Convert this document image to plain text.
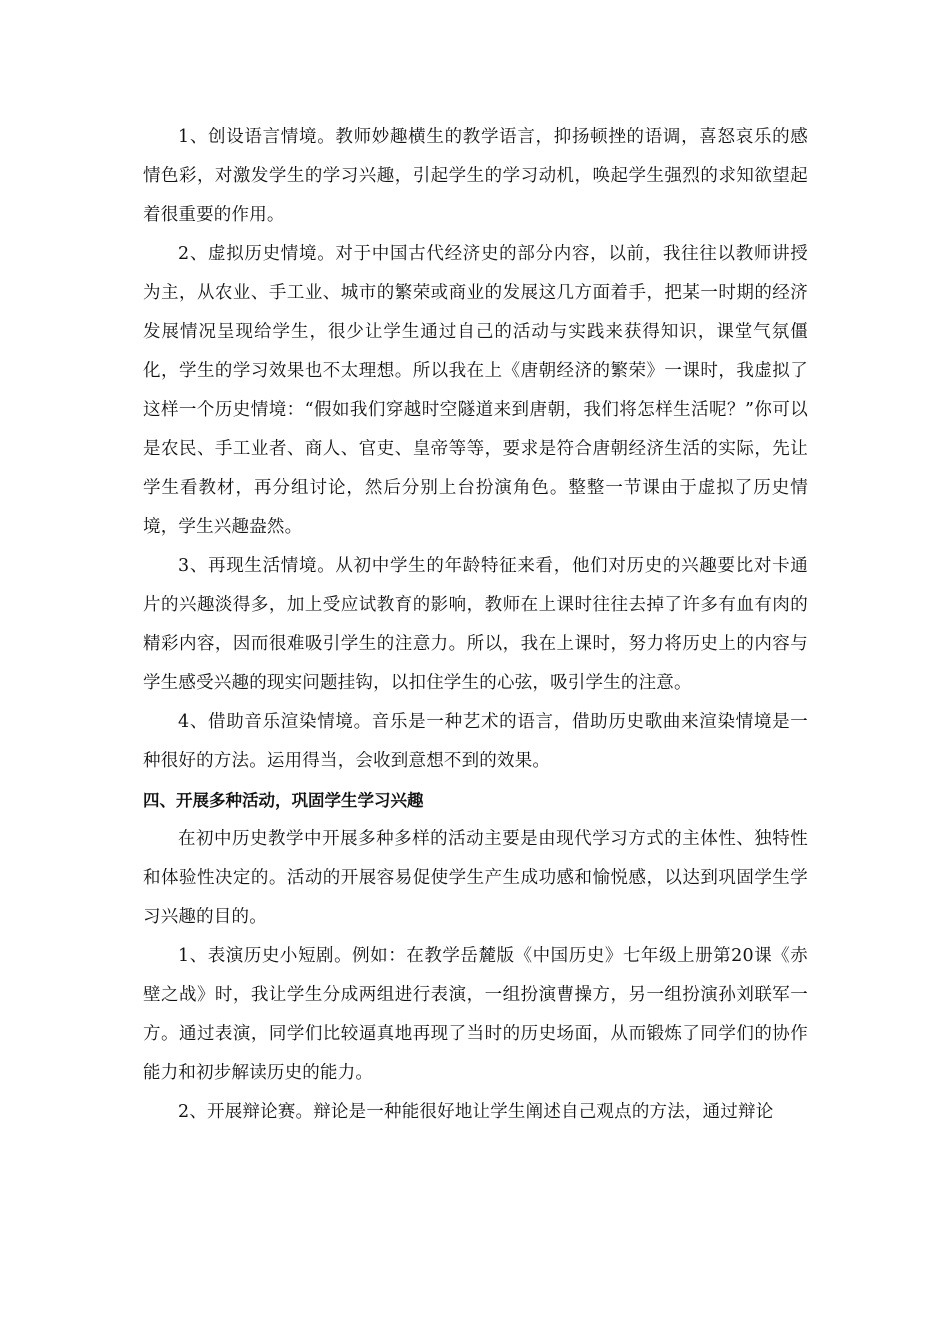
1、创设语言情境。教师妙趣横生的教学语言，抑扬顿挫的语调，喜怒哀乐的感情色彩，对激发学生的学习兴趣，引起学生的学习动机，唤起学生强烈的求知欲望起着很重要的作用。

2、虚拟历史情境。对于中国古代经济史的部分内容，以前，我往往以教师讲授为主，从农业、手工业、城市的繁荣或商业的发展这几方面着手，把某一时期的经济发展情况呈现给学生，很少让学生通过自己的活动与实践来获得知识，课堂气氛僵化，学生的学习效果也不太理想。所以我在上《唐朝经济的繁荣》一课时，我虚拟了这样一个历史情境：“假如我们穿越时空隧道来到唐朝，我们将怎样生活呢？”你可以是农民、手工业者、商人、官吏、皇帝等等，要求是符合唐朝经济生活的实际，先让学生看教材，再分组讨论，然后分别上台扮演角色。整整一节课由于虚拟了历史情境，学生兴趣盎然。

3、再现生活情境。从初中学生的年龄特征来看，他们对历史的兴趣要比对卡通片的兴趣淡得多，加上受应试教育的影响，教师在上课时往往去掉了许多有血有肉的精彩内容，因而很难吸引学生的注意力。所以，我在上课时，努力将历史上的内容与学生感受兴趣的现实问题挂钩，以扣住学生的心弦，吸引学生的注意。

4、借助音乐渲染情境。音乐是一种艺术的语言，借助历史歌曲来渲染情境是一种很好的方法。运用得当，会收到意想不到的效果。

四、开展多种活动，巩固学生学习兴趣

在初中历史教学中开展多种多样的活动主要是由现代学习方式的主体性、独特性和体验性决定的。活动的开展容易促使学生产生成功感和愉悦感，以达到巩固学生学习兴趣的目的。

1、表演历史小短剧。例如：在教学岳麓版《中国历史》七年级上册第20课《赤壁之战》时，我让学生分成两组进行表演，一组扮演曹操方，另一组扮演孙刘联军一方。通过表演，同学们比较逼真地再现了当时的历史场面，从而锻炼了同学们的协作能力和初步解读历史的能力。

2、开展辩论赛。辩论是一种能很好地让学生阐述自己观点的方法，通过辩论
